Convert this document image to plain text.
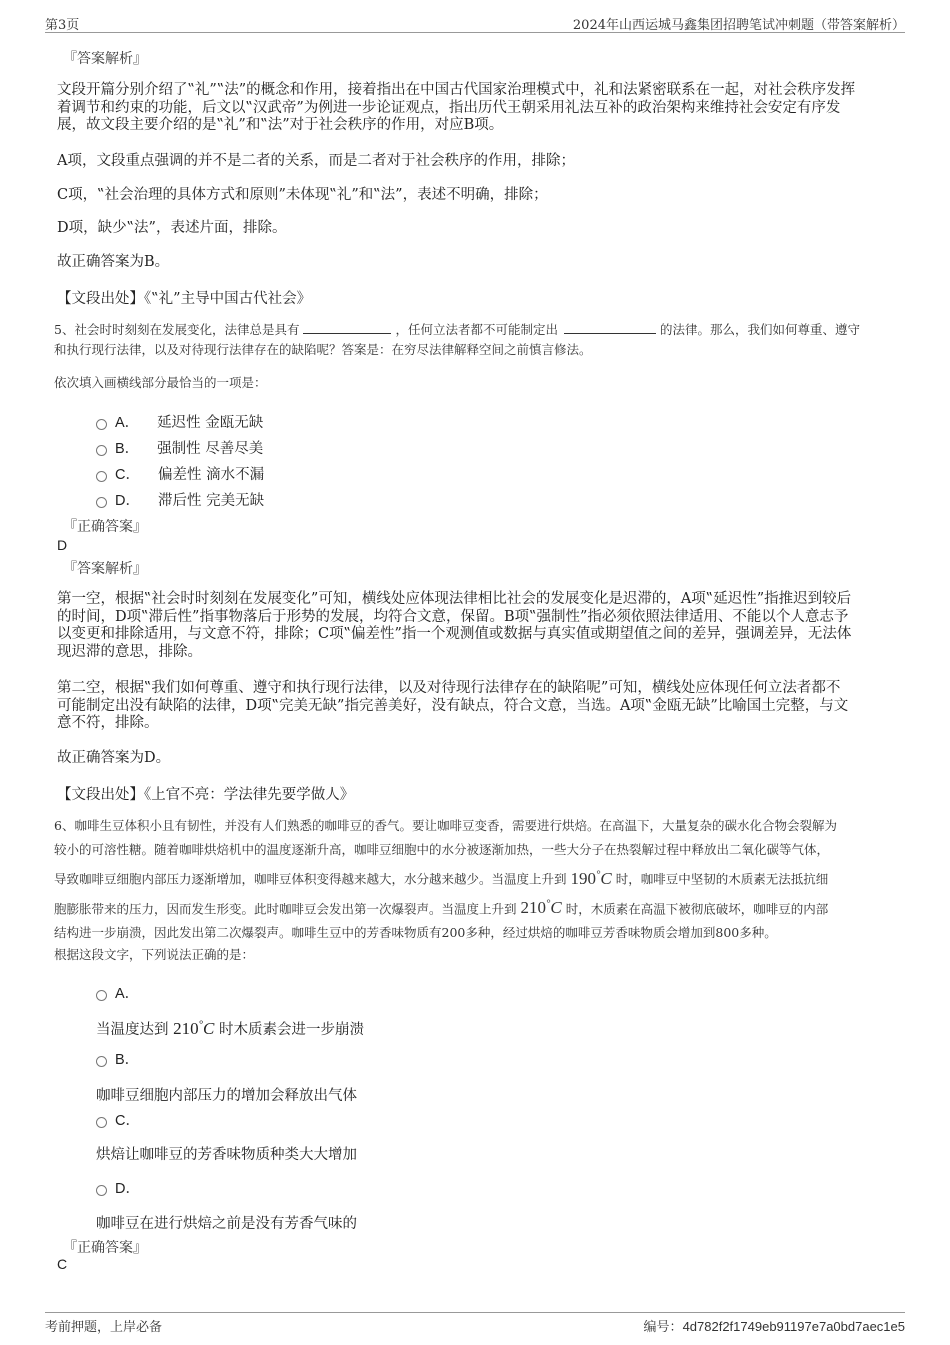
第3页	2024年山西运城马鑫集团招聘笔试冲刺题（带答案解析）
『答案解析』
文段开篇分别介绍了‟礼”‟法”的概念和作用，接着指出在中国古代国家治理模式中，礼和法紧密联系在一起，对社会秩序发挥
着调节和约束的功能，后文以‟汉武帝”为例进一步论证观点，指出历代王朝采用礼法互补的政治架构来维持社会安定有序发
展，故文段主要介绍的是‟礼”和‟法”对于社会秩序的作用，对应B项。
A项，文段重点强调的并不是二者的关系，而是二者对于社会秩序的作用，排除；
C项，‟社会治理的具体方式和原则”未体现‟礼”和‟法”，表述不明确，排除；
D项，缺少‟法”，表述片面，排除。
故正确答案为B。
【文段出处】《‟礼”主导中国古代社会》
5、社会时时刻刻在发展变化，法律总是具有	，任何立法者都不可能制定出	的法律。那么，我们如何尊重、遵守
和执行现行法律，以及对待现行法律存在的缺陷呢？答案是：在穷尽法律解释空间之前慎言修法。
依次填入画横线部分最恰当的一项是：
A． 延迟性 金瓯无缺
B． 强制性 尽善尽美
C． 偏差性 滴水不漏
D． 滞后性 完美无缺
『正确答案』
D
『答案解析』
第一空，根据‟社会时时刻刻在发展变化”可知，横线处应体现法律相比社会的发展变化是迟滞的，A项‟延迟性”指推迟到较后
的时间，D项‟滞后性”指事物落后于形势的发展，均符合文意，保留。B项‟强制性”指必须依照法律适用、不能以个人意志予
以变更和排除适用，与文意不符，排除；C项‟偏差性”指一个观测值或数据与真实值或期望值之间的差异，强调差异，无法体
现迟滞的意思，排除。
第二空，根据‟我们如何尊重、遵守和执行现行法律，以及对待现行法律存在的缺陷呢”可知，横线处应体现任何立法者都不
可能制定出没有缺陷的法律，D项‟完美无缺”指完善美好，没有缺点，符合文意，当选。A项‟金瓯无缺”比喻国土完整，与文
意不符，排除。
故正确答案为D。
【文段出处】《上官不亮：学法律先要学做人》
6、咖啡生豆体积小且有韧性，并没有人们熟悉的咖啡豆的香气。要让咖啡豆变香，需要进行烘焙。在高温下，大量复杂的碳水化合物会裂解为
较小的可溶性糖。随着咖啡烘焙机中的温度逐渐升高，咖啡豆细胞中的水分被逐渐加热，一些大分子在热裂解过程中释放出二氧化碳等气体，
导致咖啡豆细胞内部压力逐渐增加，咖啡豆体积变得越来越大，水分越来越少。当温度上升到 190°C 时，咖啡豆中坚韧的木质素无法抵抗细
胞膨胀带来的压力，因而发生形变。此时咖啡豆会发出第一次爆裂声。当温度上升到 210°C 时，木质素在高温下被彻底破坏，咖啡豆的内部
结构进一步崩溃，因此发出第二次爆裂声。咖啡生豆中的芳香味物质有200多种，经过烘焙的咖啡豆芳香味物质会增加到800多种。
根据这段文字，下列说法正确的是：
A．
当温度达到 210°C 时木质素会进一步崩溃
B．
咖啡豆细胞内部压力的增加会释放出气体
C．
烘焙让咖啡豆的芳香味物质种类大大增加
D．
咖啡豆在进行烘焙之前是没有芳香气味的
『正确答案』
C
考前押题，上岸必备	编号：4d782f2f1749eb91197e7a0bd7aec1e5
